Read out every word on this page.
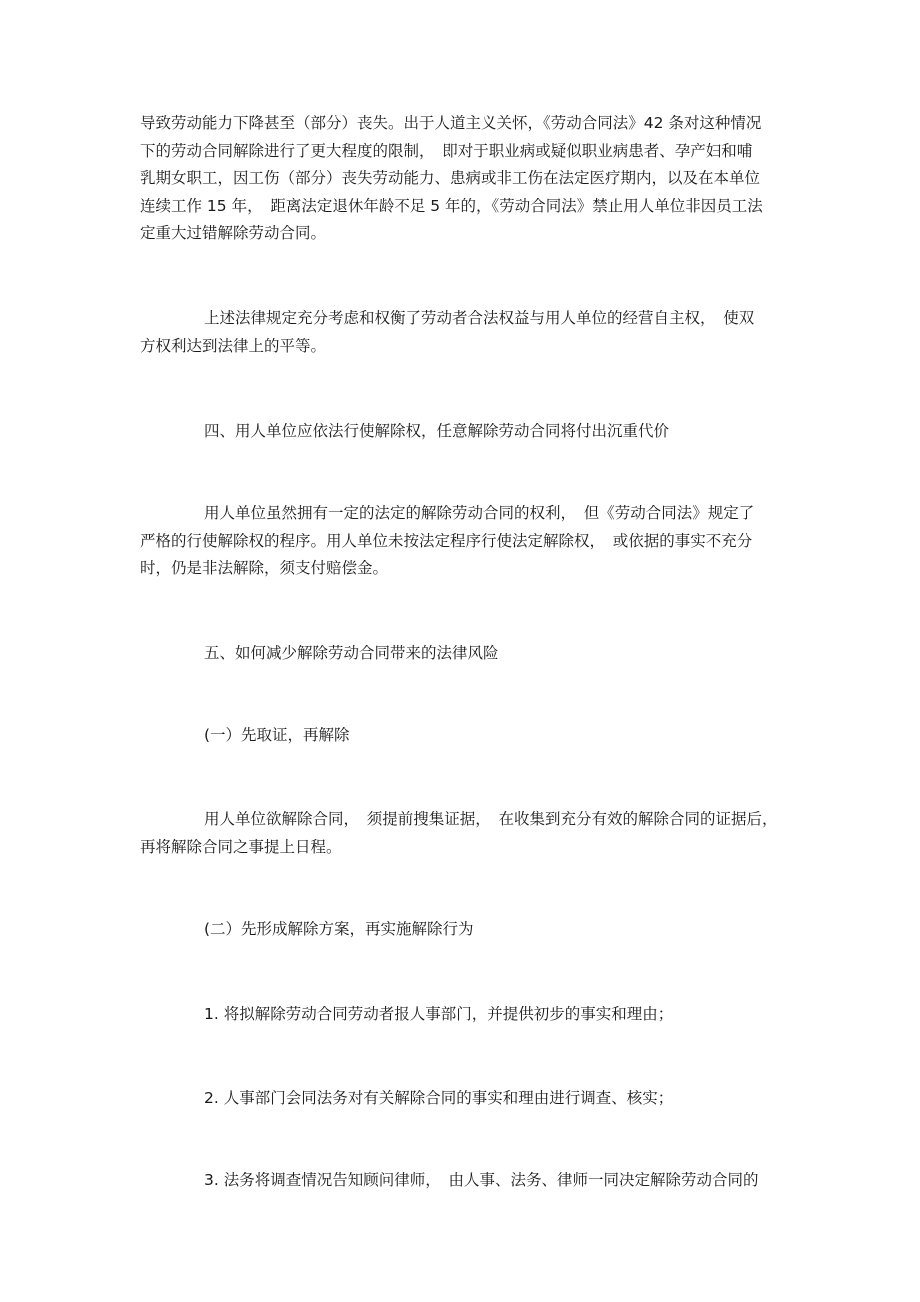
导致劳动能力下降甚至（部分）丧失。出于人道主义关怀，《劳动合同法》42 条对这种情况
下的劳动合同解除进行了更大程度的限制，　即对于职业病或疑似职业病患者、孕产妇和哺
乳期女职工，因工伤（部分）丧失劳动能力、患病或非工伤在法定医疗期内，以及在本单位
连续工作 15 年，　距离法定退休年龄不足 5 年的，《劳动合同法》禁止用人单位非因员工法
定重大过错解除劳动合同。
上述法律规定充分考虑和权衡了劳动者合法权益与用人单位的经营自主权，　使双
方权利达到法律上的平等。
四、用人单位应依法行使解除权，任意解除劳动合同将付出沉重代价
用人单位虽然拥有一定的法定的解除劳动合同的权利，　但《劳动合同法》规定了
严格的行使解除权的程序。用人单位未按法定程序行使法定解除权，　或依据的事实不充分
时，仍是非法解除，须支付赔偿金。
五、如何减少解除劳动合同带来的法律风险
(一）先取证，再解除
用人单位欲解除合同，　须提前搜集证据，　在收集到充分有效的解除合同的证据后，
再将解除合同之事提上日程。
(二）先形成解除方案，再实施解除行为
1. 将拟解除劳动合同劳动者报人事部门，并提供初步的事实和理由；
2. 人事部门会同法务对有关解除合同的事实和理由进行调查、核实；
3. 法务将调查情况告知顾问律师，　由人事、法务、律师一同决定解除劳动合同的
